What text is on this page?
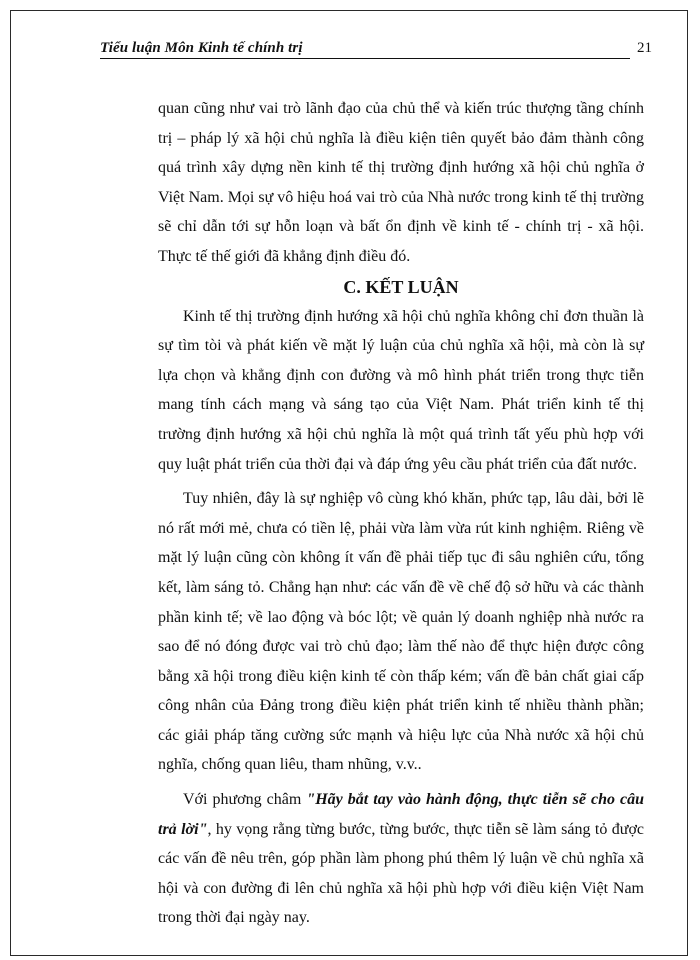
Tiểu luận Môn Kinh tế chính trị	21

quan cũng như vai trò lãnh đạo của chủ thể và kiến trúc thượng tầng chính trị – pháp lý xã hội chủ nghĩa là điều kiện tiên quyết bảo đảm thành công quá trình xây dựng nền kinh tế thị trường định hướng xã hội chủ nghĩa ở Việt Nam. Mọi sự vô hiệu hoá vai trò của Nhà nước trong kinh tế thị trường sẽ chỉ dẫn tới sự hỗn loạn và bất ổn định về kinh tế - chính trị - xã hội. Thực tế thế giới đã khẳng định điều đó.

C. KẾT LUẬN

Kinh tế thị trường định hướng xã hội chủ nghĩa không chỉ đơn thuần là sự tìm tòi và phát kiến về mặt lý luận của chủ nghĩa xã hội, mà còn là sự lựa chọn và khẳng định con đường và mô hình phát triển trong thực tiễn mang tính cách mạng và sáng tạo của Việt Nam. Phát triển kinh tế thị trường định hướng xã hội chủ nghĩa là một quá trình tất yếu phù hợp với quy luật phát triển của thời đại và đáp ứng yêu cầu phát triển của đất nước.

Tuy nhiên, đây là sự nghiệp vô cùng khó khăn, phức tạp, lâu dài, bởi lẽ nó rất mới mẻ, chưa có tiền lệ, phải vừa làm vừa rút kinh nghiệm. Riêng về mặt lý luận cũng còn không ít vấn đề phải tiếp tục đi sâu nghiên cứu, tổng kết, làm sáng tỏ. Chẳng hạn như: các vấn đề về chế độ sở hữu và các thành phần kinh tế; về lao động và bóc lột; về quản lý doanh nghiệp nhà nước ra sao để nó đóng được vai trò chủ đạo; làm thế nào để thực hiện được công bằng xã hội trong điều kiện kinh tế còn thấp kém; vấn đề bản chất giai cấp công nhân của Đảng trong điều kiện phát triển kinh tế nhiều thành phần; các giải pháp tăng cường sức mạnh và hiệu lực của Nhà nước xã hội chủ nghĩa, chống quan liêu, tham nhũng, v.v..

Với phương châm "Hãy bắt tay vào hành động, thực tiễn sẽ cho câu trả lời", hy vọng rằng từng bước, từng bước, thực tiễn sẽ làm sáng tỏ được các vấn đề nêu trên, góp phần làm phong phú thêm lý luận về chủ nghĩa xã hội và con đường đi lên chủ nghĩa xã hội phù hợp với điều kiện Việt Nam trong thời đại ngày nay.
